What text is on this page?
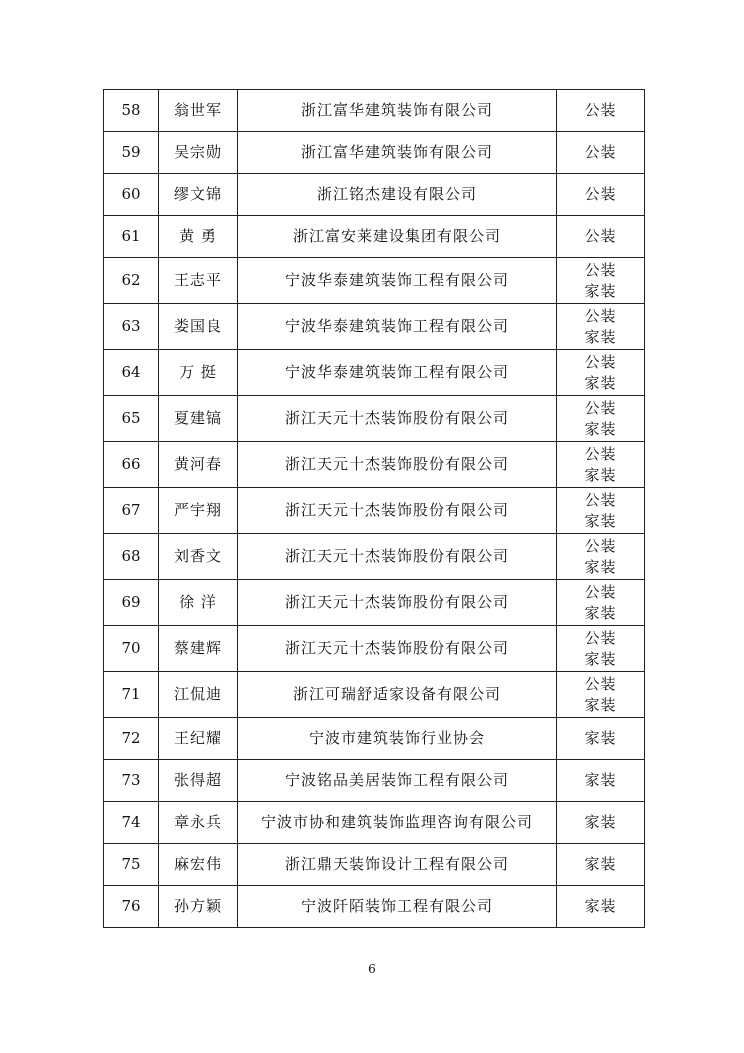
58	翁世军	浙江富华建筑装饰有限公司	公装

59	吴宗勋	浙江富华建筑装饰有限公司	公装

60	缪文锦	浙江铭杰建设有限公司	公装

61	黄 勇	浙江富安莱建设集团有限公司	公装

62	王志平	宁波华泰建筑装饰工程有限公司	公装
家装

63	娄国良	宁波华泰建筑装饰工程有限公司	公装
家装

64	万 挺	宁波华泰建筑装饰工程有限公司	公装
家装

65	夏建镐	浙江天元十杰装饰股份有限公司	公装
家装

66	黄河春	浙江天元十杰装饰股份有限公司	公装
家装

67	严宇翔	浙江天元十杰装饰股份有限公司	公装
家装

68	刘香文	浙江天元十杰装饰股份有限公司	公装
家装

69	徐 洋	浙江天元十杰装饰股份有限公司	公装
家装

70	蔡建辉	浙江天元十杰装饰股份有限公司	公装
家装

71	江侃迪	浙江可瑞舒适家设备有限公司	公装
家装

72	王纪耀	宁波市建筑装饰行业协会	家装

73	张得超	宁波铭品美居装饰工程有限公司	家装

74	章永兵	宁波市协和建筑装饰监理咨询有限公司	家装

75	麻宏伟	浙江鼎天装饰设计工程有限公司	家装

76	孙方颖	宁波阡陌装饰工程有限公司	家装
6
